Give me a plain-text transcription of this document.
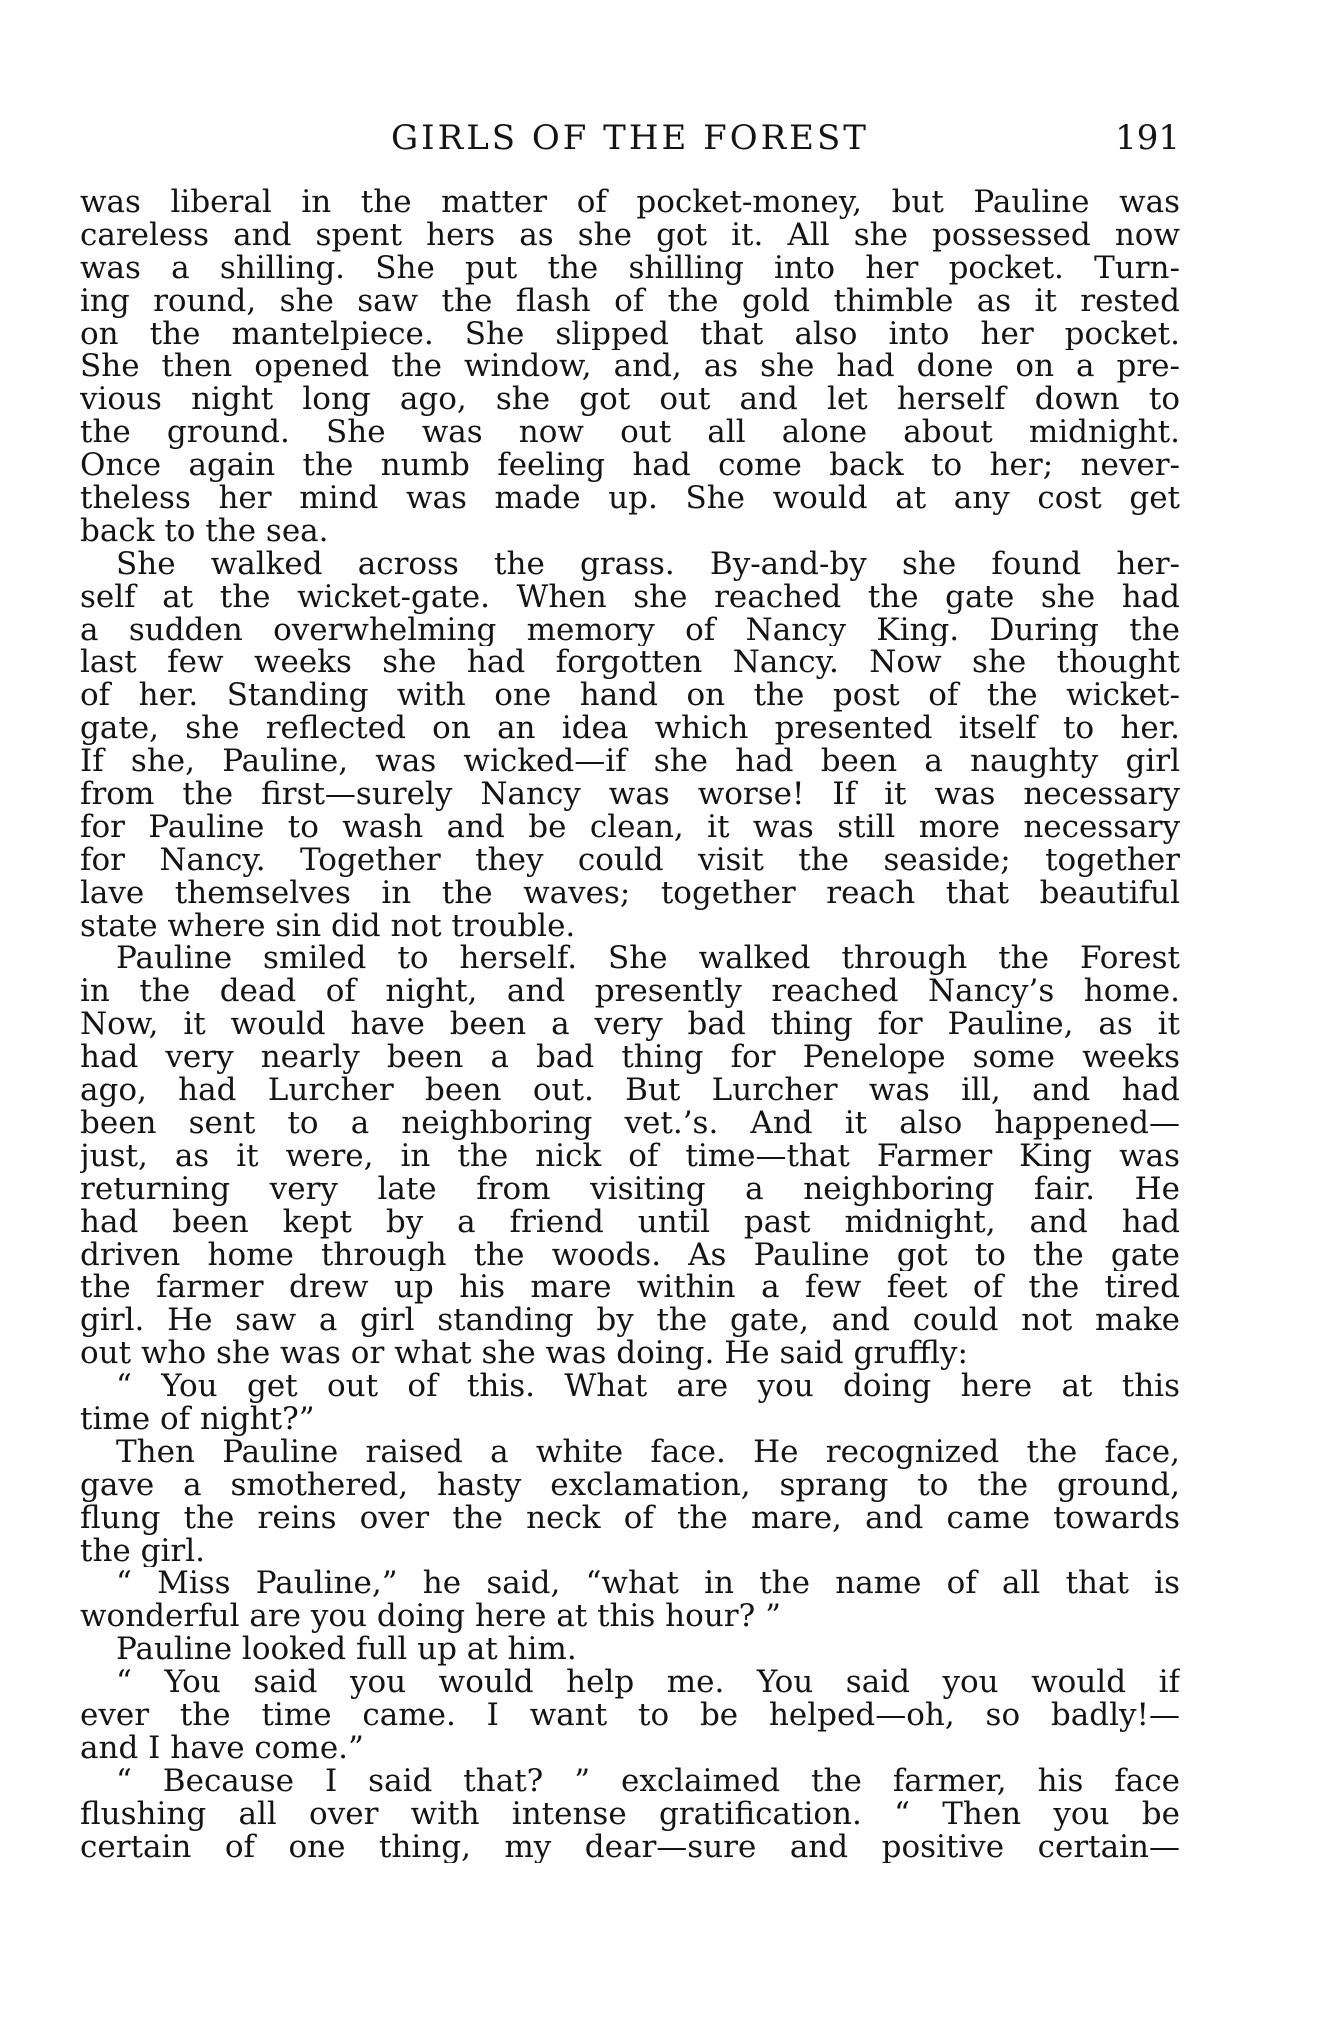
GIRLS OF THE FOREST	191
was liberal in the matter of pocket-money, but Pauline was
careless and spent hers as she got it. All she possessed now
was a shilling. She put the shilling into her pocket. Turn-
ing round, she saw the flash of the gold thimble as it rested
on the mantelpiece. She slipped that also into her pocket.
She then opened the window, and, as she had done on a pre-
vious night long ago, she got out and let herself down to
the ground. She was now out all alone about midnight.
Once again the numb feeling had come back to her; never-
theless her mind was made up. She would at any cost get
back to the sea.
She walked across the grass. By-and-by she found her-
self at the wicket-gate. When she reached the gate she had
a sudden overwhelming memory of Nancy King. During the
last few weeks she had forgotten Nancy. Now she thought
of her. Standing with one hand on the post of the wicket-
gate, she reflected on an idea which presented itself to her.
If she, Pauline, was wicked—if she had been a naughty girl
from the first—surely Nancy was worse! If it was necessary
for Pauline to wash and be clean, it was still more necessary
for Nancy. Together they could visit the seaside; together
lave themselves in the waves; together reach that beautiful
state where sin did not trouble.
Pauline smiled to herself. She walked through the Forest
in the dead of night, and presently reached Nancy’s home.
Now, it would have been a very bad thing for Pauline, as it
had very nearly been a bad thing for Penelope some weeks
ago, had Lurcher been out. But Lurcher was ill, and had
been sent to a neighboring vet.’s. And it also happened—
just, as it were, in the nick of time—that Farmer King was
returning very late from visiting a neighboring fair. He
had been kept by a friend until past midnight, and had
driven home through the woods. As Pauline got to the gate
the farmer drew up his mare within a few feet of the tired
girl. He saw a girl standing by the gate, and could not make
out who she was or what she was doing. He said gruffly:
“ You get out of this. What are you doing here at this
time of night?”
Then Pauline raised a white face. He recognized the face,
gave a smothered, hasty exclamation, sprang to the ground,
flung the reins over the neck of the mare, and came towards
the girl.
“ Miss Pauline,” he said, “what in the name of all that is
wonderful are you doing here at this hour? ”
Pauline looked full up at him.
“ You said you would help me. You said you would if
ever the time came. I want to be helped—oh, so badly!—
and I have come.”
“ Because I said that? ” exclaimed the farmer, his face
flushing all over with intense gratification. “ Then you be
certain of one thing, my dear—sure and positive certain—
